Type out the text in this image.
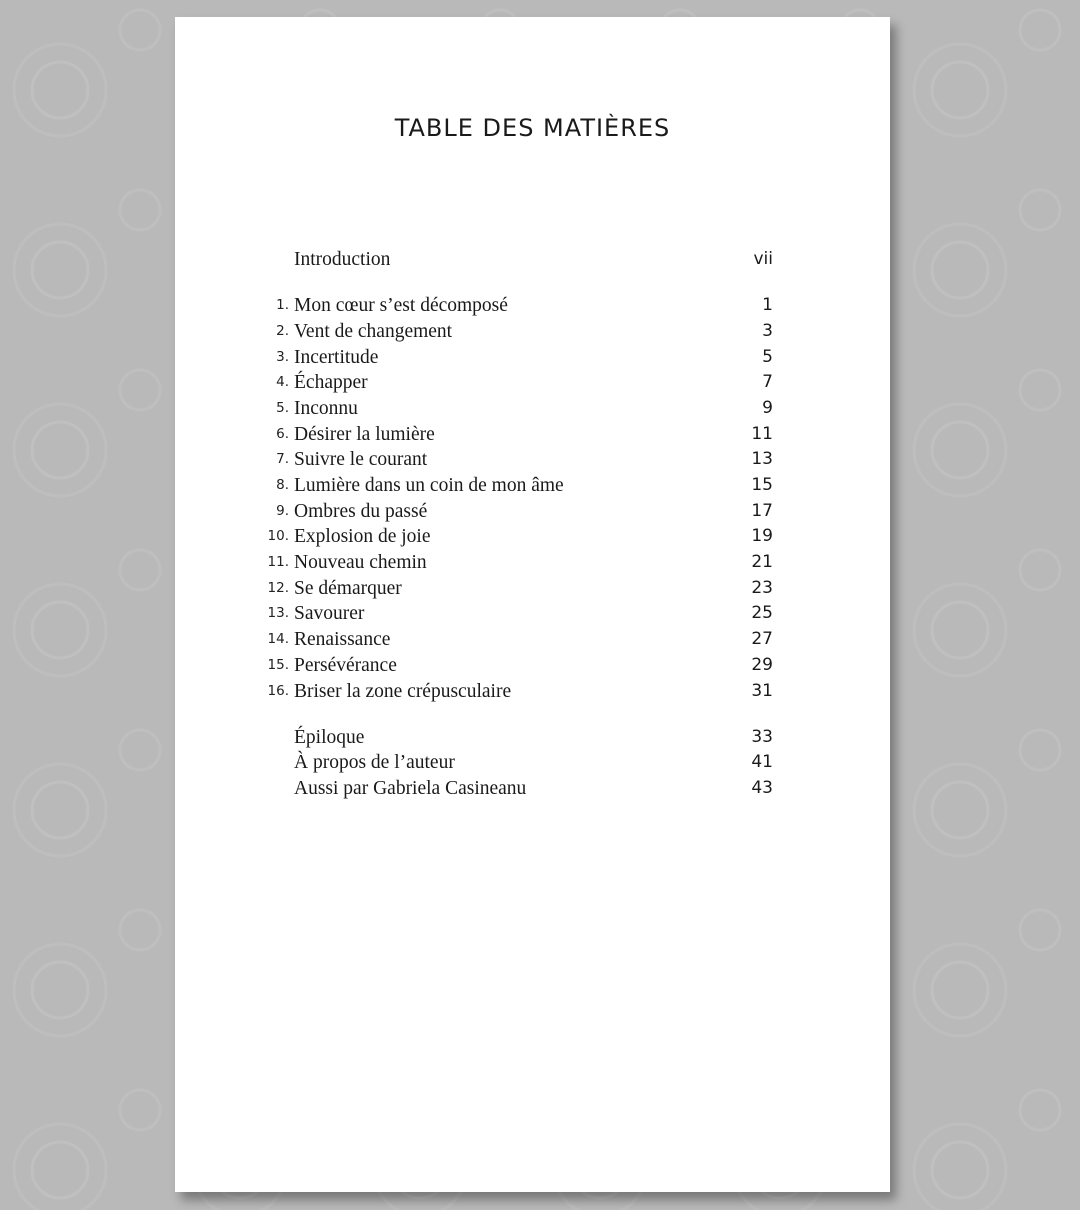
TABLE DES MATIÈRES
Introduction	vii
1. Mon cœur s’est décomposé	1
2. Vent de changement	3
3. Incertitude	5
4. Échapper	7
5. Inconnu	9
6. Désirer la lumière	11
7. Suivre le courant	13
8. Lumière dans un coin de mon âme	15
9. Ombres du passé	17
10. Explosion de joie	19
11. Nouveau chemin	21
12. Se démarquer	23
13. Savourer	25
14. Renaissance	27
15. Persévérance	29
16. Briser la zone crépusculaire	31
Épiloque	33
À propos de l’auteur	41
Aussi par Gabriela Casineanu	43
